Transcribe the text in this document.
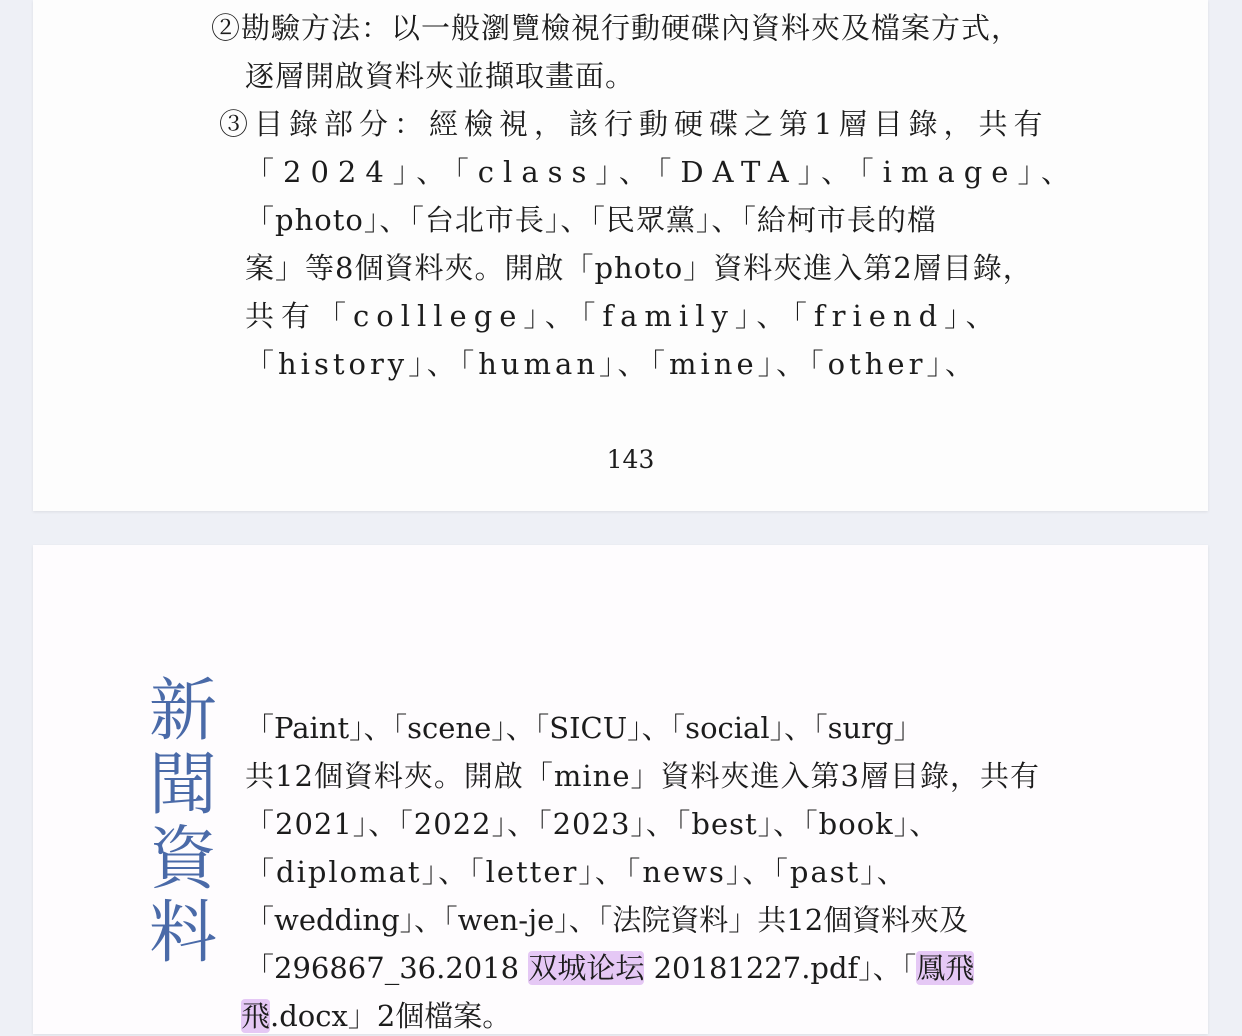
②勘驗方法：以一般瀏覽檢視行動硬碟內資料夾及檔案方式，
逐層開啟資料夾並擷取畫面。
③目錄部分：經檢視，該行動硬碟之第1層目錄，共有
「2024」、「class」、「DATA」、「image」、
「photo」、「台北市長」、「民眾黨」、「給柯市長的檔
案」等8個資料夾。開啟「photo」資料夾進入第2層目錄，
共有「colllege」、「family」、「friend」、
「history」、「human」、「mine」、「other」、
143
新
聞
資
料
「Paint」、「scene」、「SICU」、「social」、「surg」
共12個資料夾。開啟「mine」資料夾進入第3層目錄，共有
「2021」、「2022」、「2023」、「best」、「book」、
「diplomat」、「letter」、「news」、「past」、
「wedding」、「wen-je」、「法院資料」共12個資料夾及
「296867_36.2018 双城论坛 20181227.pdf」、「鳳飛
飛.docx」2個檔案。
